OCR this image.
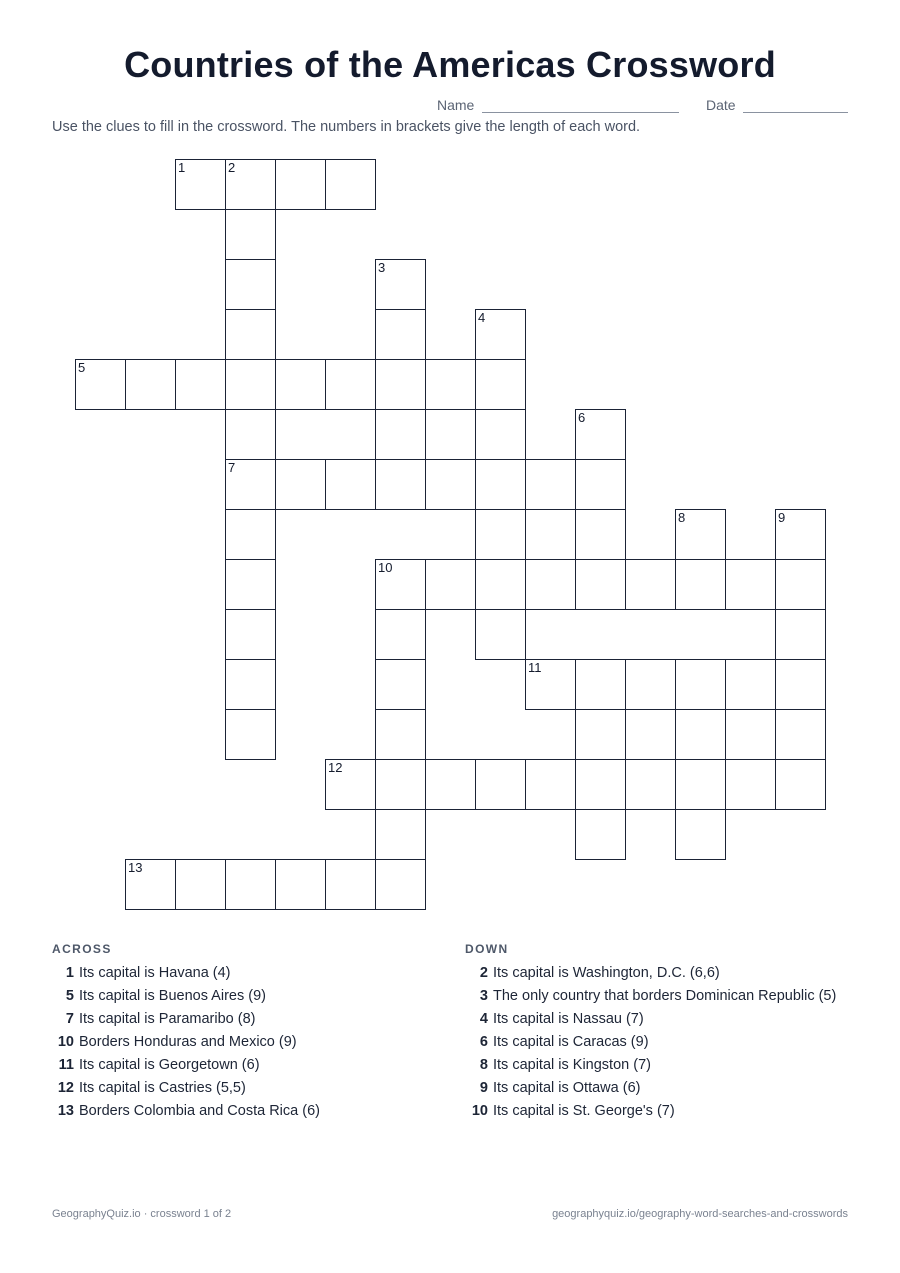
Countries of the Americas Crossword
Name	Date
Use the clues to fill in the crossword. The numbers in brackets give the length of each word.
1	2
3
4
5
6
7
8	9
10
11
12
13
ACROSS
1 Its capital is Havana (4)
5 Its capital is Buenos Aires (9)
7 Its capital is Paramaribo (8)
10 Borders Honduras and Mexico (9)
11 Its capital is Georgetown (6)
12 Its capital is Castries (5,5)
13 Borders Colombia and Costa Rica (6)
DOWN
2 Its capital is Washington, D.C. (6,6)
3 The only country that borders Dominican Republic (5)
4 Its capital is Nassau (7)
6 Its capital is Caracas (9)
8 Its capital is Kingston (7)
9 Its capital is Ottawa (6)
10 Its capital is St. George's (7)
GeographyQuiz.io · crossword 1 of 2	geographyquiz.io/geography-word-searches-and-crosswords
